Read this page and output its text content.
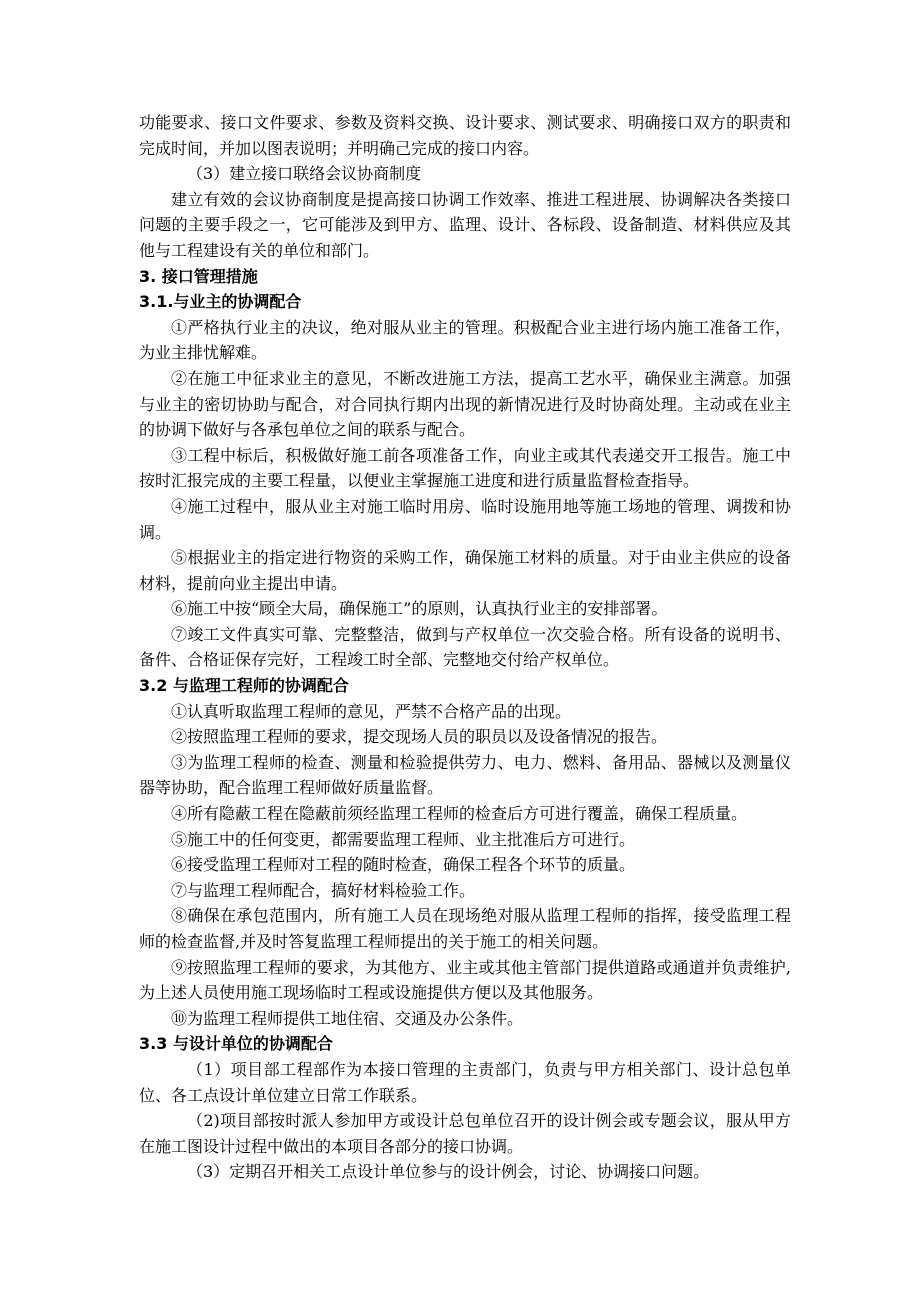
功能要求、接口文件要求、参数及资料交换、设计要求、测试要求、明确接口双方的职责和完成时间，并加以图表说明；并明确己完成的接口内容。

（3）建立接口联络会议协商制度

建立有效的会议协商制度是提高接口协调工作效率、推进工程进展、协调解决各类接口问题的主要手段之一，它可能涉及到甲方、监理、设计、各标段、设备制造、材料供应及其他与工程建设有关的单位和部门。

3. 接口管理措施

3.1.与业主的协调配合

①严格执行业主的决议，绝对服从业主的管理。积极配合业主进行场内施工准备工作，为业主排忧解难。

②在施工中征求业主的意见，不断改进施工方法，提高工艺水平，确保业主满意。加强与业主的密切协助与配合，对合同执行期内出现的新情况进行及时协商处理。主动或在业主的协调下做好与各承包单位之间的联系与配合。

③工程中标后，积极做好施工前各项准备工作，向业主或其代表递交开工报告。施工中按时汇报完成的主要工程量，以便业主掌握施工进度和进行质量监督检查指导。

④施工过程中，服从业主对施工临时用房、临时设施用地等施工场地的管理、调拨和协调。

⑤根据业主的指定进行物资的采购工作，确保施工材料的质量。对于由业主供应的设备材料，提前向业主提出申请。

⑥施工中按“顾全大局，确保施工”的原则，认真执行业主的安排部署。

⑦竣工文件真实可靠、完整整洁，做到与产权单位一次交验合格。所有设备的说明书、备件、合格证保存完好，工程竣工时全部、完整地交付给产权单位。

3.2 与监理工程师的协调配合

①认真听取监理工程师的意见，严禁不合格产品的出现。

②按照监理工程师的要求，提交现场人员的职员以及设备情况的报告。

③为监理工程师的检查、测量和检验提供劳力、电力、燃料、备用品、器械以及测量仪器等协助，配合监理工程师做好质量监督。

④所有隐蔽工程在隐蔽前须经监理工程师的检查后方可进行覆盖，确保工程质量。

⑤施工中的任何变更，都需要监理工程师、业主批准后方可进行。

⑥接受监理工程师对工程的随时检查，确保工程各个环节的质量。

⑦与监理工程师配合，搞好材料检验工作。

⑧确保在承包范围内，所有施工人员在现场绝对服从监理工程师的指挥，接受监理工程师的检查监督,并及时答复监理工程师提出的关于施工的相关问题。

⑨按照监理工程师的要求，为其他方、业主或其他主管部门提供道路或通道并负责维护,为上述人员使用施工现场临时工程或设施提供方便以及其他服务。

⑩为监理工程师提供工地住宿、交通及办公条件。

3.3 与设计单位的协调配合

（1）项目部工程部作为本接口管理的主责部门，负责与甲方相关部门、设计总包单位、各工点设计单位建立日常工作联系。

（2)项目部按时派人参加甲方或设计总包单位召开的设计例会或专题会议，服从甲方在施工图设计过程中做出的本项目各部分的接口协调。

（3）定期召开相关工点设计单位参与的设计例会，讨论、协调接口问题。
